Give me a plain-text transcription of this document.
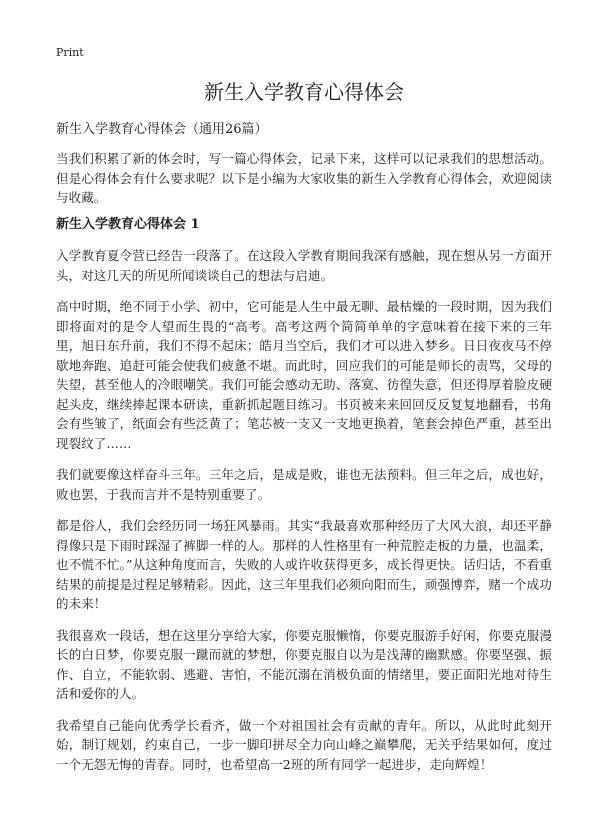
Print
新生入学教育心得体会

新生入学教育心得体会（通用26篇）

当我们积累了新的体会时，写一篇心得体会，记录下来，这样可以记录我们的思想活动。但是心得体会有什么要求呢？以下是小编为大家收集的新生入学教育心得体会，欢迎阅读与收藏。

新生入学教育心得体会 1

入学教育夏令营已经告一段落了。在这段入学教育期间我深有感触，现在想从另一方面开头，对这几天的所见所闻谈谈自己的想法与启迪。

高中时期，绝不同于小学、初中，它可能是人生中最无聊、最枯燥的一段时期，因为我们即将面对的是令人望而生畏的“高考。高考这两个简简单单的字意味着在接下来的三年里，旭日东升前，我们不得不起床；皓月当空后，我们才可以进入梦乡。日日夜夜马不停歇地奔跑、追赶可能会使我们疲惫不堪。而此时，回应我们的可能是师长的责骂，父母的失望，甚至他人的冷眼嘲笑。我们可能会感动无助、落寞、彷徨失意，但还得厚着脸皮硬起头皮，继续捧起课本研读，重新抓起题目练习。书页被来来回回反反复复地翻看，书角会有些皱了，纸面会有些泛黄了；笔芯被一支又一支地更换着，笔套会掉色严重，甚至出现裂纹了……

我们就要像这样奋斗三年。三年之后，是成是败，谁也无法预料。但三年之后，成也好，败也罢，于我而言并不是特别重要了。

都是俗人，我们会经历同一场狂风暴雨。其实“我最喜欢那种经历了大风大浪，却还平静得像只是下雨时踩湿了裤脚一样的人。那样的人性格里有一种荒腔走板的力量，也温柔，也不慌不忙。”从这种角度而言，失败的人或许收获得更多，成长得更快。话归话，不看重结果的前提是过程足够精彩。因此，这三年里我们必须向阳而生，顽强博弈，赌一个成功的未来！

我很喜欢一段话，想在这里分享给大家，你要克服懒惰，你要克服游手好闲，你要克服漫长的白日梦，你要克服一蹴而就的梦想，你要克服自以为是浅薄的幽默感。你要坚强、振作、自立，不能软弱、逃避、害怕，不能沉溺在消极负面的情绪里，要正面阳光地对待生活和爱你的人。

我希望自己能向优秀学长看齐，做一个对祖国社会有贡献的青年。所以，从此时此刻开始，制订规划，约束自己，一步一脚印拼尽全力向山峰之巅攀爬，无关乎结果如何，度过一个无怨无悔的青春。同时，也希望高一2班的所有同学一起进步，走向辉煌！
